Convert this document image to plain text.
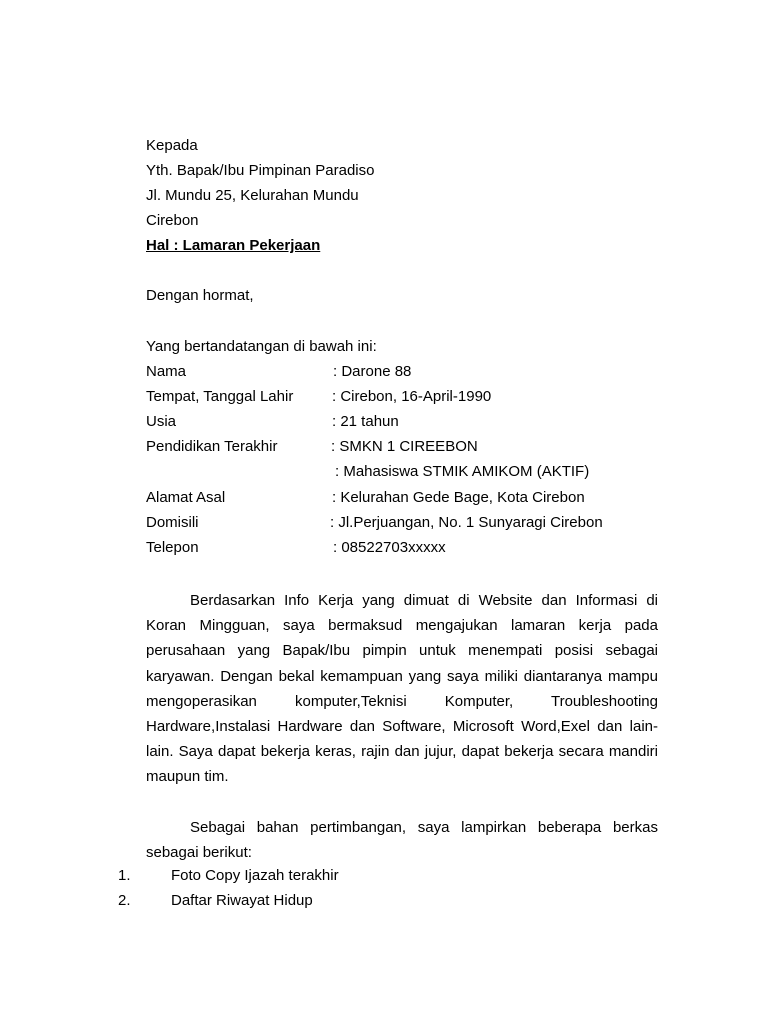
Kepada
Yth. Bapak/Ibu Pimpinan Paradiso
Jl. Mundu 25, Kelurahan Mundu
Cirebon
Hal : Lamaran Pekerjaan
Dengan hormat,
Yang bertandatangan di bawah ini:
Nama	: Darone 88
Tempat, Tanggal Lahir	: Cirebon, 16-April-1990
Usia	: 21 tahun
Pendidikan Terakhir	: SMKN 1 CIREEBON
: Mahasiswa STMIK AMIKOM (AKTIF)
Alamat Asal	: Kelurahan Gede Bage, Kota Cirebon
Domisili	: Jl.Perjuangan, No. 1 Sunyaragi Cirebon
Telepon	: 08522703xxxxx

Berdasarkan Info Kerja yang dimuat di Website dan Informasi di Koran Mingguan, saya bermaksud mengajukan lamaran kerja pada perusahaan yang Bapak/Ibu pimpin untuk menempati posisi sebagai karyawan. Dengan bekal kemampuan yang saya miliki diantaranya mampu mengoperasikan komputer,Teknisi Komputer, Troubleshooting Hardware,Instalasi Hardware dan Software, Microsoft Word,Exel dan lain-lain. Saya dapat bekerja keras, rajin dan jujur, dapat bekerja secara mandiri maupun tim.

Sebagai bahan pertimbangan, saya lampirkan beberapa berkas sebagai berikut:

1.	Foto Copy Ijazah terakhir
2.	Daftar Riwayat Hidup
